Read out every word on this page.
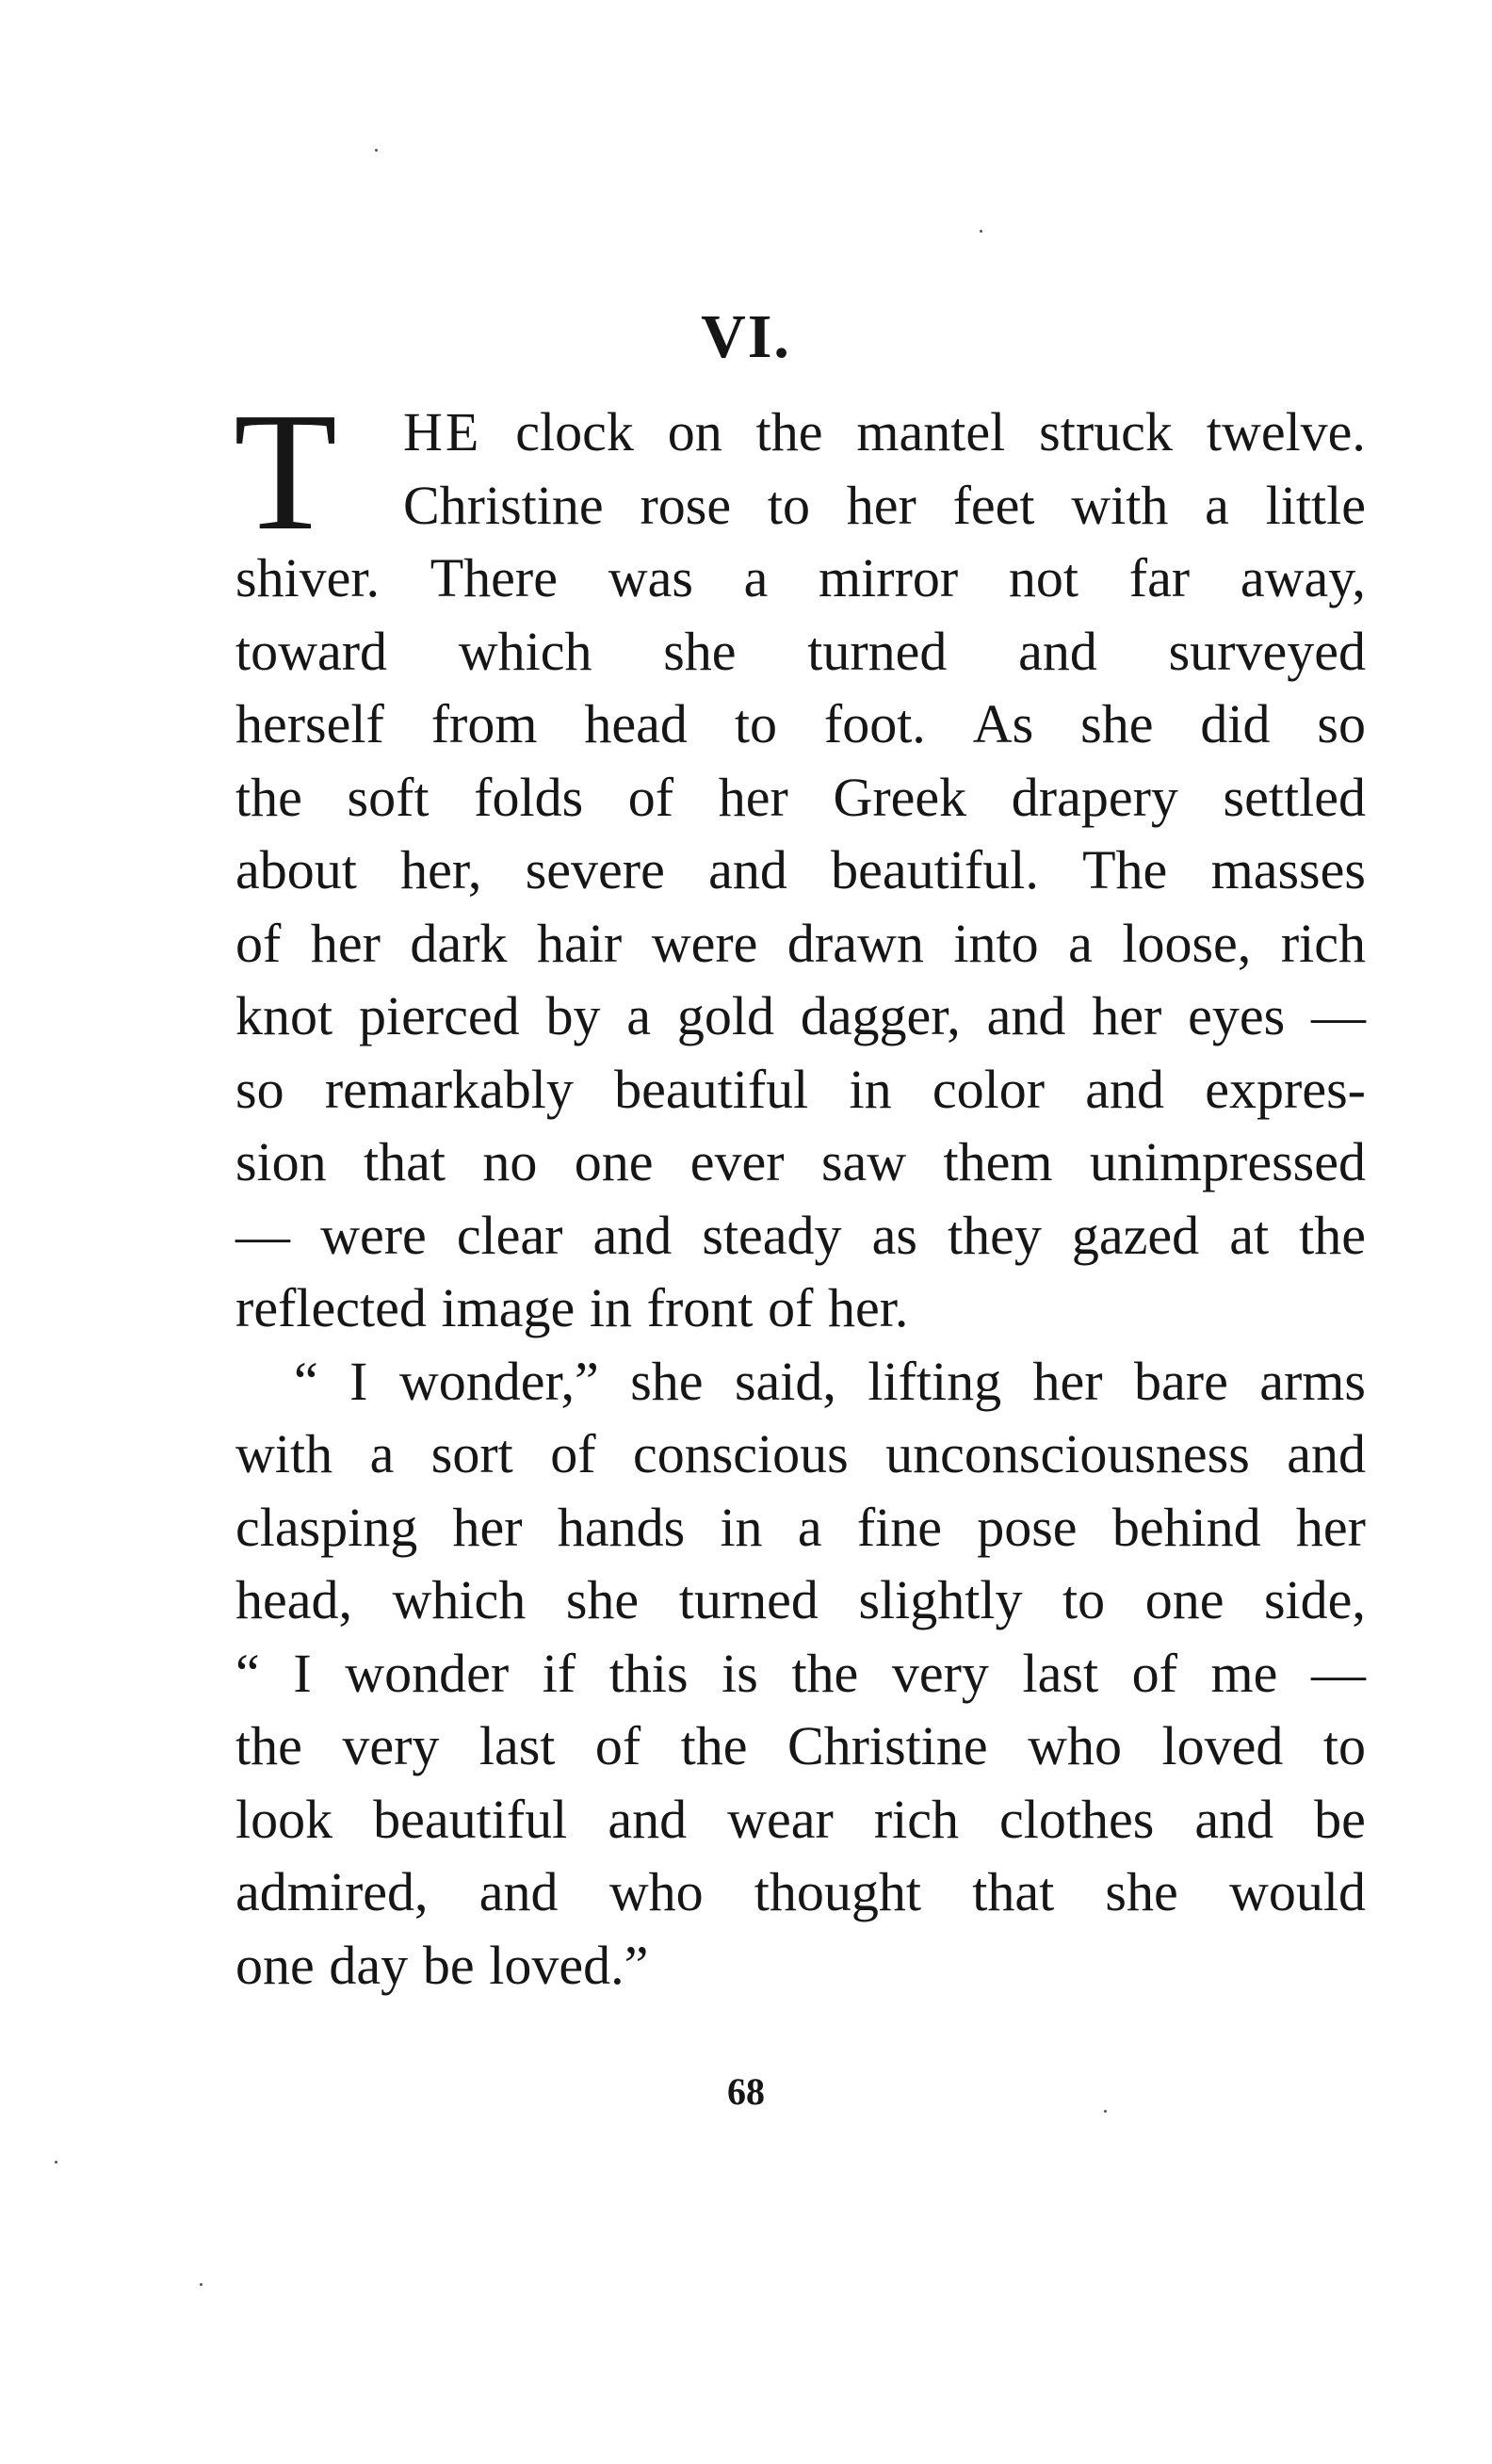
VI.
T HE clock on the mantel struck twelve.
Christine rose to her feet with a little
shiver. There was a mirror not far away,
toward which she turned and surveyed
herself from head to foot. As she did so
the soft folds of her Greek drapery settled
about her, severe and beautiful. The masses
of her dark hair were drawn into a loose, rich
knot pierced by a gold dagger, and her eyes —
so remarkably beautiful in color and expres-
sion that no one ever saw them unimpressed
— were clear and steady as they gazed at the
reflected image in front of her.
“ I wonder,” she said, lifting her bare arms
with a sort of conscious unconsciousness and
clasping her hands in a fine pose behind her
head, which she turned slightly to one side,
“ I wonder if this is the very last of me —
the very last of the Christine who loved to
look beautiful and wear rich clothes and be
admired, and who thought that she would
one day be loved.”
68
